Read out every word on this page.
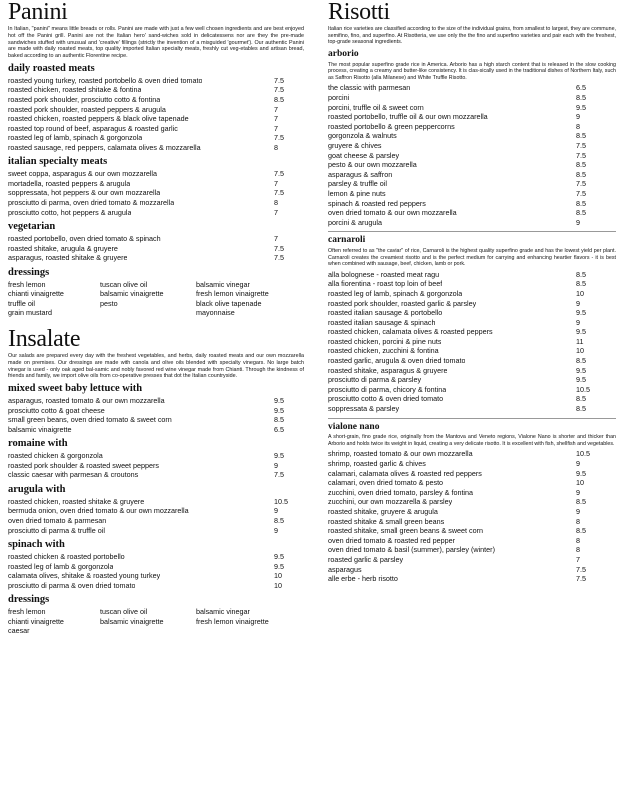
Panini
In Italian, "panini" means little breads or rolls. Panini are made with just a few well chosen ingredients and are best enjoyed hot off the Panini grill. Panini are not the Italian hero' sand-wiches sold in delicatessens nor are they the pre-made sandwiches stuffed with unusual and 'creative' fillings (strictly the invention of a misguided 'gourmet'). Our authentic Panini are made with daily roasted meats, top quality imported Italian specialty meats, freshly cut veg-etables and artisan bread, baked according to an authentic Florentine recipe.
daily roasted meats
roasted young turkey, roasted portobello & oven dried tomato	7.5
roasted chicken, roasted shitake & fontina	7.5
roasted pork shoulder, prosciutto cotto & fontina	8.5
roasted pork shoulder, roasted peppers & arugula	7
roasted chicken, roasted peppers & black olive tapenade	7
roasted top round of beef, asparagus & roasted garlic	7
roasted leg of lamb, spinach & gorgonzola	7.5
roasted sausage, red peppers, calamata olives & mozzarella	8
italian specialty meats
sweet coppa, asparagus & our own mozzarella	7.5
mortadella, roasted peppers & arugula	7
soppressata, hot peppers & our own mozzarella	7.5
prosciutto di parma, oven dried tomato & mozzarella	8
prosciutto cotto, hot peppers & arugula	7
vegetarian
roasted portobello, oven dried tomato & spinach	7
roasted shitake, arugula & gruyere	7.5
asparagus, roasted shitake & gruyere	7.5
dressings
fresh lemon	tuscan olive oil	balsamic vinegar
chianti vinaigrette	balsamic vinaigrette	fresh lemon vinaigrette
truffle oil	pesto	black olive tapenade
grain mustard	mayonnaise
Insalate
Our salads are prepared every day with the freshest vegetables, and herbs, daily roasted meats and our own mozzarella made on premises. Our dressings are made with canola and olive oils blended with specialty vinegars. No large batch vinegar is used - only oak aged bal-samic and nobly favored red wine vinegar made from Chianti. Through the kindness of friends and family, we import olive oils from co-operative presses that dot the Italian countryside.
mixed sweet baby lettuce with
asparagus, roasted tomato & our own mozzarella	9.5
prosciutto cotto & goat cheese	9.5
small green beans, oven dried tomato & sweet corn	8.5
balsamic vinaigrette	6.5
romaine with
roasted chicken & gorgonzola	9.5
roasted pork shoulder & roasted sweet peppers	9
classic caesar with parmesan & croutons	7.5
arugula with
roasted chicken, roasted shitake & gruyere	10.5
bermuda onion, oven dried tomato & our own mozzarella	9
oven dried tomato & parmesan	8.5
prosciutto di parma & truffle oil	9
spinach with
roasted chicken & roasted portobello	9.5
roasted leg of lamb & gorgonzola	9.5
calamata olives, shitake & roasted young turkey	10
prosciutto di parma & oven dried tomato	10
dressings
fresh lemon	tuscan olive oil	balsamic vinegar
chianti vinaigrette	balsamic vinaigrette	fresh lemon vinaigrette
caesar
Risotti
Italian rice varieties are classified according to the size of the individual grains, from smallest to largest, they are commune, semifino, fino, and superfino. At Risotteria, we use only the the fino and superfino varieties and pair each with the freshest, top-grade seasonal ingredients.
arborio
The most popular superfino grade rice in America. Arborio has a high starch content that is released in the slow cooking process, creating a creamy and butter-like consistency. It is clas-sically used in the traditional dishes of Northern Italy, such as Saffron Risotto (alla Milanese) and White Truffle Risotto.
the classic with parmesan	6.5
porcini	8.5
porcini, truffle oil & sweet corn	9.5
roasted portobello, truffle oil & our own mozzarella	9
roasted portobello & green peppercorns	8
gorgonzola & walnuts	8.5
gruyere & chives	7.5
goat cheese & parsley	7.5
pesto & our own mozzarella	8.5
asparagus & saffron	8.5
parsley & truffle oil	7.5
lemon & pine nuts	7.5
spinach & roasted red peppers	8.5
oven dried tomato & our own mozzarella	8.5
porcini & arugula	9
carnaroli
Often referred to as "the caviar" of rice, Carnaroli is the highest quality superfino grade and has the lowest yield per plant. Carnaroli creates the creamiest risotto and is the perfect medium for carrying and enhancing heartier flavors - it is best when combined with sausage, beef, chicken, lamb or pork.
alla bolognese - roasted meat ragu	8.5
alla fiorentina - roast top loin of beef	8.5
roasted leg of lamb, spinach & gorgonzola	10
roasted pork shoulder, roasted garlic & parsley	9
roasted italian sausage & portobello	9.5
roasted italian sausage & spinach	9
roasted chicken, calamata olives & roasted peppers	9.5
roasted chicken, porcini & pine nuts	11
roasted chicken, zucchini & fontina	10
roasted garlic, arugula & oven dried tomato	8.5
roasted shitake, asparagus & gruyere	9.5
prosciutto di parma & parsley	9.5
prosciutto di parma, chicory & fontina	10.5
prosciutto cotto & oven dried tomato	8.5
soppressata & parsley	8.5
vialone nano
A short-grain, fino grade rice, originally from the Mantova and Veneto regions, Vialone Nano is shorter and thicker than Arborio and holds twice its weight in liquid, creating a very delicate risotto. It is excellent with fish, shellfish and vegetables.
shrimp, roasted tomato & our own mozzarella	10.5
shrimp, roasted garlic & chives	9
calamari, calamata olives & roasted red peppers	9.5
calamari, oven dried tomato & pesto	10
zucchini, oven dried tomato, parsley & fontina	9
zucchini, our own mozzarella & parsley	8.5
roasted shitake, gruyere & arugula	9
roasted shitake & small green beans	8
roasted shitake, small green beans & sweet corn	8.5
oven dried tomato & roasted red pepper	8
oven dried tomato & basil (summer), parsley (winter)	8
roasted garlic & parsley	7
asparagus	7.5
alle erbe - herb risotto	7.5
